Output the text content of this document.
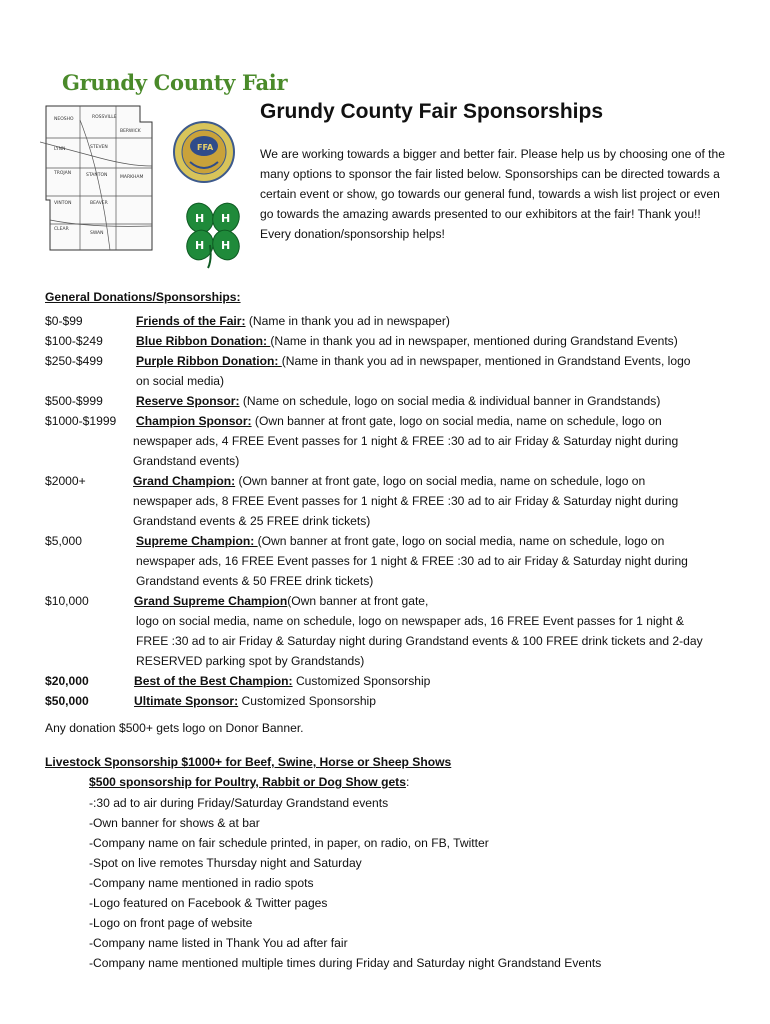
Grundy County Fair
NEOSHO	ROSSVILLE
BERWICK
LYNN	STEVEN
TROJAN	STANTON	MARKHAM
VINTON	BEAVER
CLEAR
SWAN
FFA
H H
H H
Grundy County Fair Sponsorships
We are working towards a bigger and better fair. Please help us by choosing one of the many options to sponsor the fair listed below. Sponsorships can be directed towards a certain event or show, go towards our general fund, towards a wish list project or even go towards the amazing awards presented to our exhibitors at the fair! Thank you!! Every donation/sponsorship helps!
General Donations/Sponsorships:
$0-$99	Friends of the Fair: (Name in thank you ad in newspaper)
$100-$249	Blue Ribbon Donation: (Name in thank you ad in newspaper, mentioned during Grandstand Events)
$250-$499	Purple Ribbon Donation: (Name in thank you ad in newspaper, mentioned in Grandstand Events, logo
on social media)
$500-$999	Reserve Sponsor: (Name on schedule, logo on social media & individual banner in Grandstands)
$1000-$1999 Champion Sponsor: (Own banner at front gate, logo on social media, name on schedule, logo on
newspaper ads, 4 FREE Event passes for 1 night & FREE :30 ad to air Friday & Saturday night during
Grandstand events)
$2000+	Grand Champion: (Own banner at front gate, logo on social media, name on schedule, logo on
newspaper ads, 8 FREE Event passes for 1 night & FREE :30 ad to air Friday & Saturday night during
Grandstand events & 25 FREE drink tickets)
$5,000	Supreme Champion: (Own banner at front gate, logo on social media, name on schedule, logo on
newspaper ads, 16 FREE Event passes for 1 night & FREE :30 ad to air Friday & Saturday night during
Grandstand events & 50 FREE drink tickets)
$10,000	Grand Supreme Champion(Own banner at front gate,
logo on social media, name on schedule, logo on newspaper ads, 16 FREE Event passes for 1 night &
FREE :30 ad to air Friday & Saturday night during Grandstand events & 100 FREE drink tickets and 2-day
RESERVED parking spot by Grandstands)
$20,000	Best of the Best Champion: Customized Sponsorship
$50,000	Ultimate Sponsor: Customized Sponsorship
Any donation $500+ gets logo on Donor Banner.
Livestock Sponsorship $1000+ for Beef, Swine, Horse or Sheep Shows
$500 sponsorship for Poultry, Rabbit or Dog Show gets:
-:30 ad to air during Friday/Saturday Grandstand events
-Own banner for shows & at bar
-Company name on fair schedule printed, in paper, on radio, on FB, Twitter
-Spot on live remotes Thursday night and Saturday
-Company name mentioned in radio spots
-Logo featured on Facebook & Twitter pages
-Logo on front page of website
-Company name listed in Thank You ad after fair
-Company name mentioned multiple times during Friday and Saturday night Grandstand Events
